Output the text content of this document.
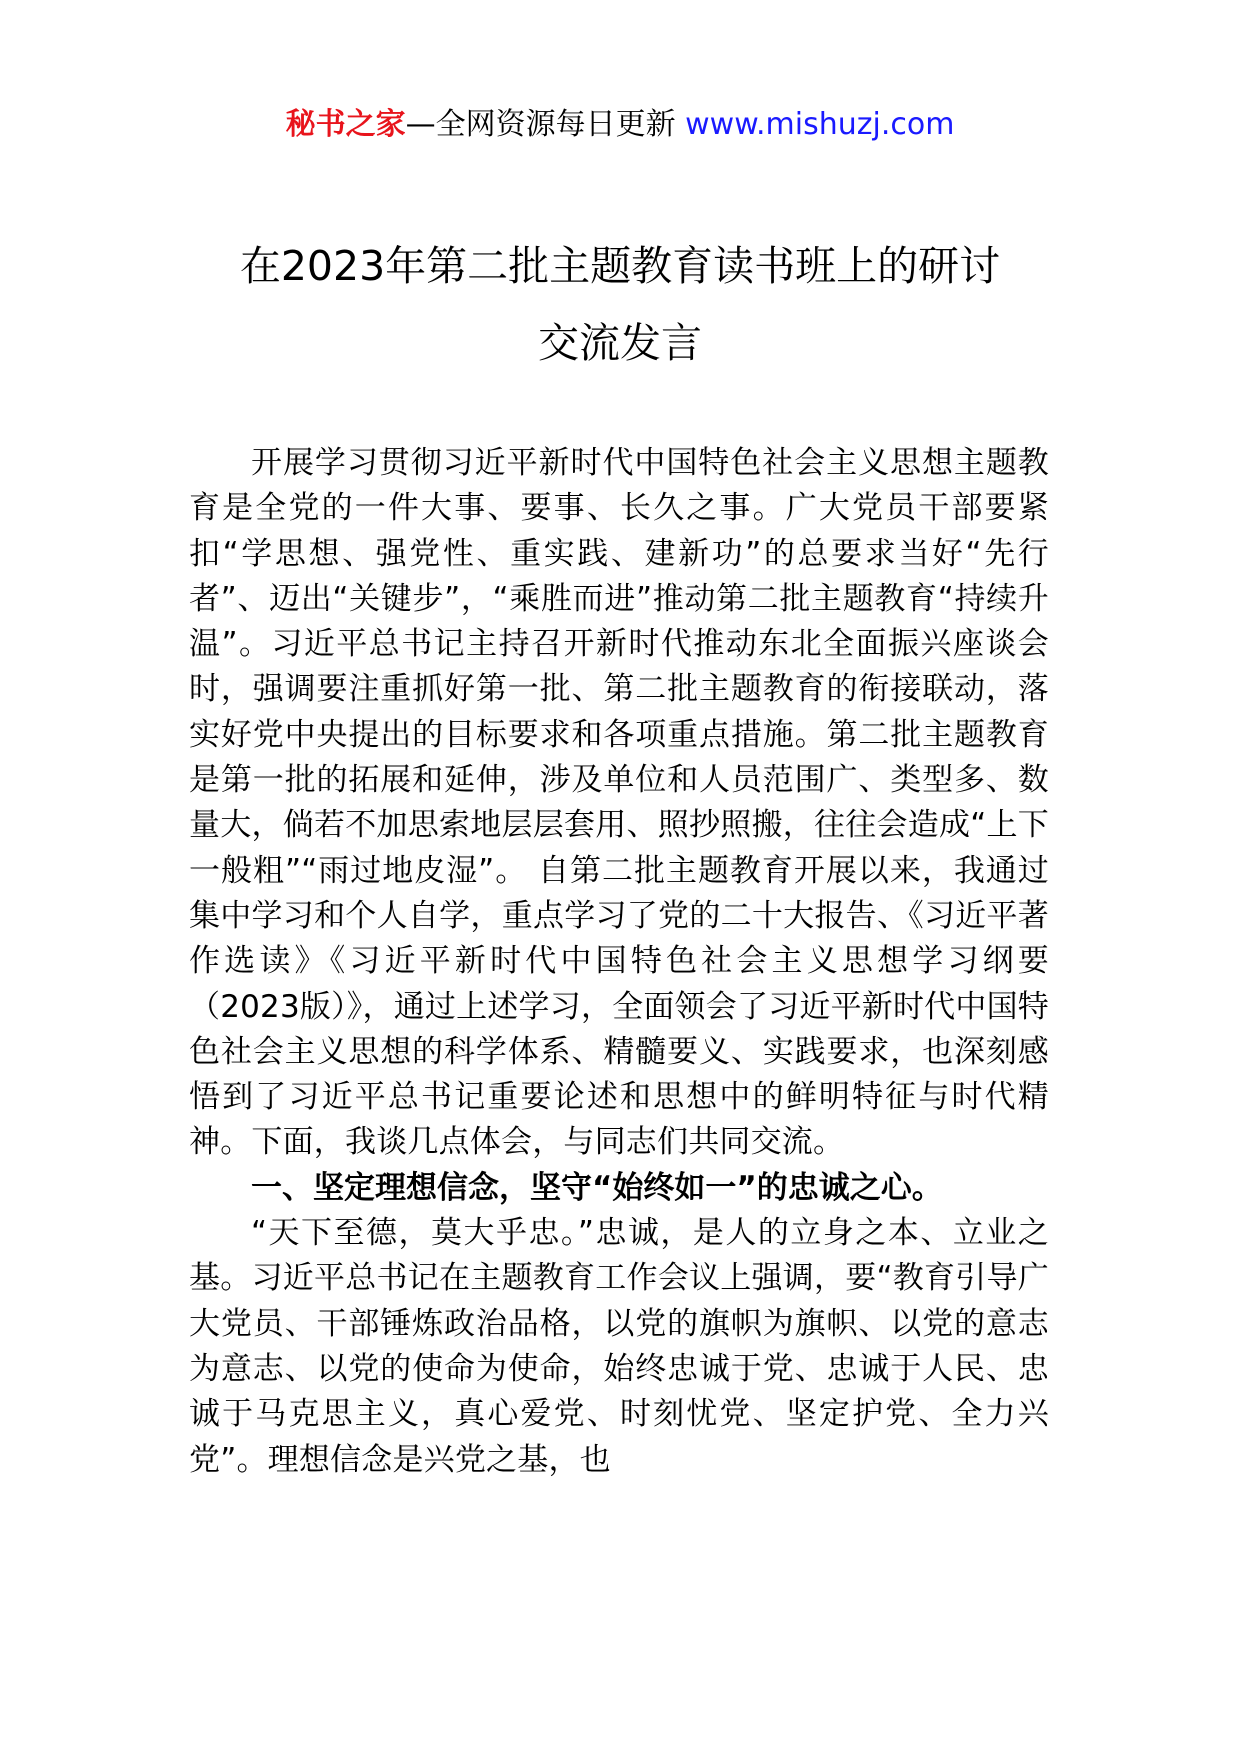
秘书之家—全网资源每日更新 www.mishuzj.com
在2023年第二批主题教育读书班上的研讨
交流发言

开展学习贯彻习近平新时代中国特色社会主义思想主题教育是全党的一件大事、要事、长久之事。广大党员干部要紧扣“学思想、强党性、重实践、建新功”的总要求当好“先行者”、迈出“关键步”，“乘胜而进”推动第二批主题教育“持续升温”。习近平总书记主持召开新时代推动东北全面振兴座谈会时，强调要注重抓好第一批、第二批主题教育的衔接联动，落实好党中央提出的目标要求和各项重点措施。第二批主题教育是第一批的拓展和延伸，涉及单位和人员范围广、类型多、数量大，倘若不加思索地层层套用、照抄照搬，往往会造成“上下一般粗”“雨过地皮湿”。 自第二批主题教育开展以来，我通过集中学习和个人自学，重点学习了党的二十大报告、《习近平著作选读》《习近平新时代中国特色社会主义思想学习纲要（2023版）》，通过上述学习，全面领会了习近平新时代中国特色社会主义思想的科学体系、精髓要义、实践要求，也深刻感悟到了习近平总书记重要论述和思想中的鲜明特征与时代精神。下面，我谈几点体会，与同志们共同交流。

一、坚定理想信念，坚守“始终如一”的忠诚之心。

“天下至德，莫大乎忠。”忠诚，是人的立身之本、立业之基。习近平总书记在主题教育工作会议上强调，要“教育引导广大党员、干部锤炼政治品格，以党的旗帜为旗帜、以党的意志为意志、以党的使命为使命，始终忠诚于党、忠诚于人民、忠诚于马克思主义，真心爱党、时刻忧党、坚定护党、全力兴党”。理想信念是兴党之基，也
